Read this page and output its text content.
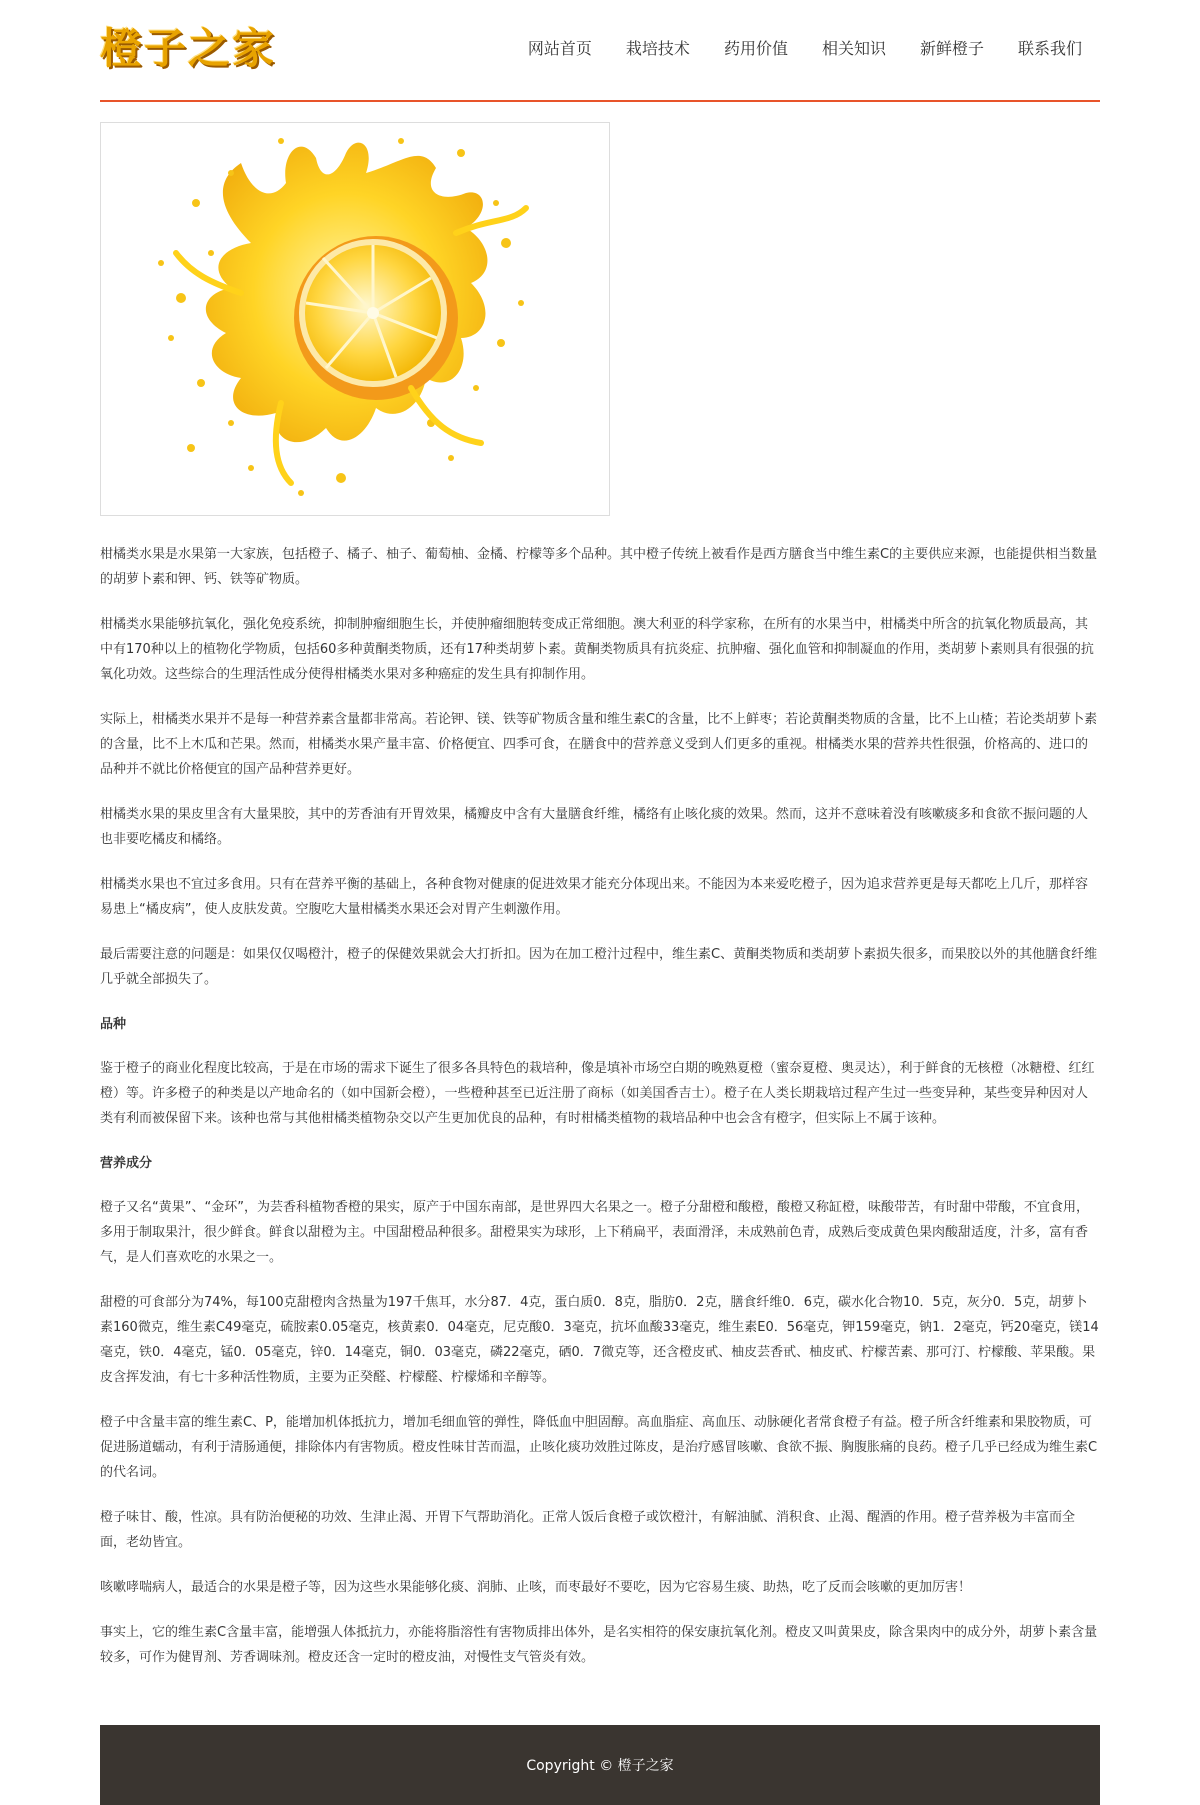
橙子之家	网站首页 栽培技术 药用价值 相关知识 新鲜橙子 联系我们

柑橘类水果是水果第一大家族，包括橙子、橘子、柚子、葡萄柚、金橘、柠檬等多个品种。其中橙子传统上被看作是西方膳食当中维生素C的主要供应来源，也能提供相当数量的胡萝卜素和钾、钙、铁等矿物质。

柑橘类水果能够抗氧化，强化免疫系统，抑制肿瘤细胞生长，并使肿瘤细胞转变成正常细胞。澳大利亚的科学家称，在所有的水果当中，柑橘类中所含的抗氧化物质最高，其中有170种以上的植物化学物质，包括60多种黄酮类物质，还有17种类胡萝卜素。黄酮类物质具有抗炎症、抗肿瘤、强化血管和抑制凝血的作用，类胡萝卜素则具有很强的抗氧化功效。这些综合的生理活性成分使得柑橘类水果对多种癌症的发生具有抑制作用。

实际上，柑橘类水果并不是每一种营养素含量都非常高。若论钾、镁、铁等矿物质含量和维生素C的含量，比不上鲜枣；若论黄酮类物质的含量，比不上山楂；若论类胡萝卜素的含量，比不上木瓜和芒果。然而，柑橘类水果产量丰富、价格便宜、四季可食，在膳食中的营养意义受到人们更多的重视。柑橘类水果的营养共性很强，价格高的、进口的品种并不就比价格便宜的国产品种营养更好。

柑橘类水果的果皮里含有大量果胶，其中的芳香油有开胃效果，橘瓣皮中含有大量膳食纤维，橘络有止咳化痰的效果。然而，这并不意味着没有咳嗽痰多和食欲不振问题的人也非要吃橘皮和橘络。

柑橘类水果也不宜过多食用。只有在营养平衡的基础上，各种食物对健康的促进效果才能充分体现出来。不能因为本来爱吃橙子，因为追求营养更是每天都吃上几斤，那样容易患上“橘皮病”，使人皮肤发黄。空腹吃大量柑橘类水果还会对胃产生刺激作用。

最后需要注意的问题是：如果仅仅喝橙汁，橙子的保健效果就会大打折扣。因为在加工橙汁过程中，维生素C、黄酮类物质和类胡萝卜素损失很多，而果胶以外的其他膳食纤维几乎就全部损失了。

品种

鉴于橙子的商业化程度比较高，于是在市场的需求下诞生了很多各具特色的栽培种，像是填补市场空白期的晚熟夏橙（蜜奈夏橙、奥灵达），利于鲜食的无核橙（冰糖橙、红红橙）等。许多橙子的种类是以产地命名的（如中国新会橙），一些橙种甚至已近注册了商标（如美国香吉士）。橙子在人类长期栽培过程产生过一些变异种，某些变异种因对人类有利而被保留下来。该种也常与其他柑橘类植物杂交以产生更加优良的品种，有时柑橘类植物的栽培品种中也会含有橙字，但实际上不属于该种。

营养成分

橙子又名“黄果”、“金环”，为芸香科植物香橙的果实，原产于中国东南部，是世界四大名果之一。橙子分甜橙和酸橙，酸橙又称缸橙，味酸带苦，有时甜中带酸，不宜食用，多用于制取果汁，很少鲜食。鲜食以甜橙为主。中国甜橙品种很多。甜橙果实为球形，上下稍扁平，表面滑泽，未成熟前色青，成熟后变成黄色果肉酸甜适度，汁多，富有香气，是人们喜欢吃的水果之一。

甜橙的可食部分为74%，每100克甜橙肉含热量为197千焦耳，水分87．4克，蛋白质0．8克，脂肪0．2克，膳食纤维0．6克，碳水化合物10．5克，灰分0．5克，胡萝卜素160微克，维生素C49毫克，硫胺素0.05毫克，核黄素0．04毫克，尼克酸0．3毫克，抗坏血酸33毫克，维生素E0．56毫克，钾159毫克，钠1．2毫克，钙20毫克，镁14毫克，铁0．4毫克，锰0．05毫克，锌0．14毫克，铜0．03毫克，磷22毫克，硒0．7微克等，还含橙皮甙、柚皮芸香甙、柚皮甙、柠檬苦素、那可汀、柠檬酸、苹果酸。果皮含挥发油，有七十多种活性物质，主要为正癸醛、柠檬醛、柠檬烯和辛醇等。

橙子中含量丰富的维生素C、P，能增加机体抵抗力，增加毛细血管的弹性，降低血中胆固醇。高血脂症、高血压、动脉硬化者常食橙子有益。橙子所含纤维素和果胶物质，可促进肠道蠕动，有利于清肠通便，排除体内有害物质。橙皮性味甘苦而温，止咳化痰功效胜过陈皮，是治疗感冒咳嗽、食欲不振、胸腹胀痛的良药。橙子几乎已经成为维生素C的代名词。

橙子味甘、酸，性凉。具有防治便秘的功效、生津止渴、开胃下气帮助消化。正常人饭后食橙子或饮橙汁，有解油腻、消积食、止渴、醒酒的作用。橙子营养极为丰富而全面，老幼皆宜。

咳嗽哮喘病人，最适合的水果是橙子等，因为这些水果能够化痰、润肺、止咳，而枣最好不要吃，因为它容易生痰、助热，吃了反而会咳嗽的更加厉害！

事实上，它的维生素C含量丰富，能增强人体抵抗力，亦能将脂溶性有害物质排出体外，是名实相符的保安康抗氧化剂。橙皮又叫黄果皮，除含果肉中的成分外，胡萝卜素含量较多，可作为健胃剂、芳香调味剂。橙皮还含一定时的橙皮油，对慢性支气管炎有效。

Copyright © 橙子之家
